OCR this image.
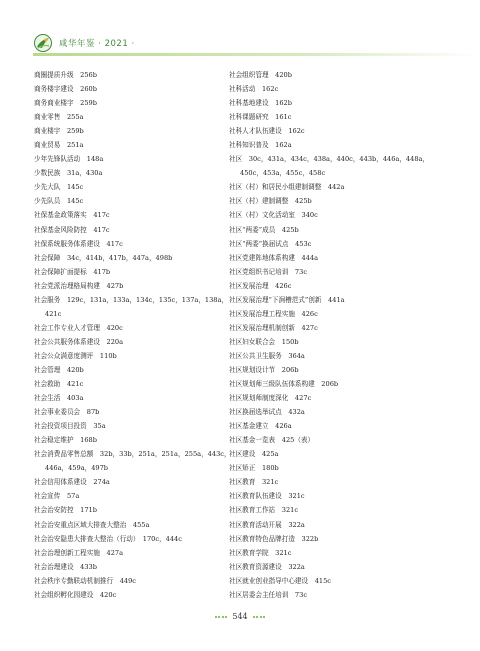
咸华年鉴 · 2021 ·
商圈提质升级　256b
商务楼宇建设　260b
商务商业楼宇　259b
商业零售　255a
商业楼宇　259b
商业贸易　251a
少年先锋队活动　148a
少数民族　31a，430a
少先大队　145c
少先队员　145c
社保基金政策落实　417c
社保基金风险防控　417c
社保系统服务体系建设　417c
社会保障　34c，414b，417b，447a，498b
社会保障扩面提标　417b
社会党派治理格局构建　427b
社会服务　129c，131a，133a，134c，135c，137a，138a，
421c
社会工作专业人才管理　420c
社会公共服务体系建设　220a
社会公众满意度测评　110b
社会管理　420b
社会救助　421c
社会生活　403a
社会事业委员会　87b
社会投资项目投资　35a
社会稳定维护　168b
社会消费品零售总额　32b，33b，251a，251a，255a，443c，
446a，459a，497b
社会信用体系建设　274a
社会宣传　57a
社会治安防控　171b
社会治安重点区域大排查大整治　455a
社会治安隐患大排查大整治（行动）　170c，444c
社会治理创新工程实施　427a
社会治理建设　433b
社会秩序专勤联动机制推行　449c
社会组织孵化园建设　420c
社会组织管理　420b
社科活动　162c
社科基地建设　162b
社科课题研究　161c
社科人才队伍建设　162c
社科知识普及　162a
社区　30c，431a，434c，438a，440c，443b，446a，448a，
450c，453a，455c，458c
社区（村）和居民小组建制调整　442a
社区（村）建制调整　425b
社区（村）文化活动室　340c
社区“两委”成员　425b
社区“两委”换届试点　453c
社区党建阵地体系构建　444a
社区党组织书记培训　73c
社区发展治理　426c
社区发展治理“下涧槽范式”创新　441a
社区发展治理工程实施　426c
社区发展治理机制创新　427c
社区妇女联合会　150b
社区公共卫生服务　364a
社区规划设计节　206b
社区规划师三级队伍体系构建　206b
社区规划师制度深化　427c
社区换届选举试点　432a
社区基金建立　426a
社区基金一览表　425（表）
社区建设　425a
社区矫正　180b
社区教育　321c
社区教育队伍建设　321c
社区教育工作站　321c
社区教育活动开展　322a
社区教育特色品牌打造　322b
社区教育学院　321c
社区教育资源建设　322a
社区就业创业指导中心建设　415c
社区居委会主任培训　73c
544
